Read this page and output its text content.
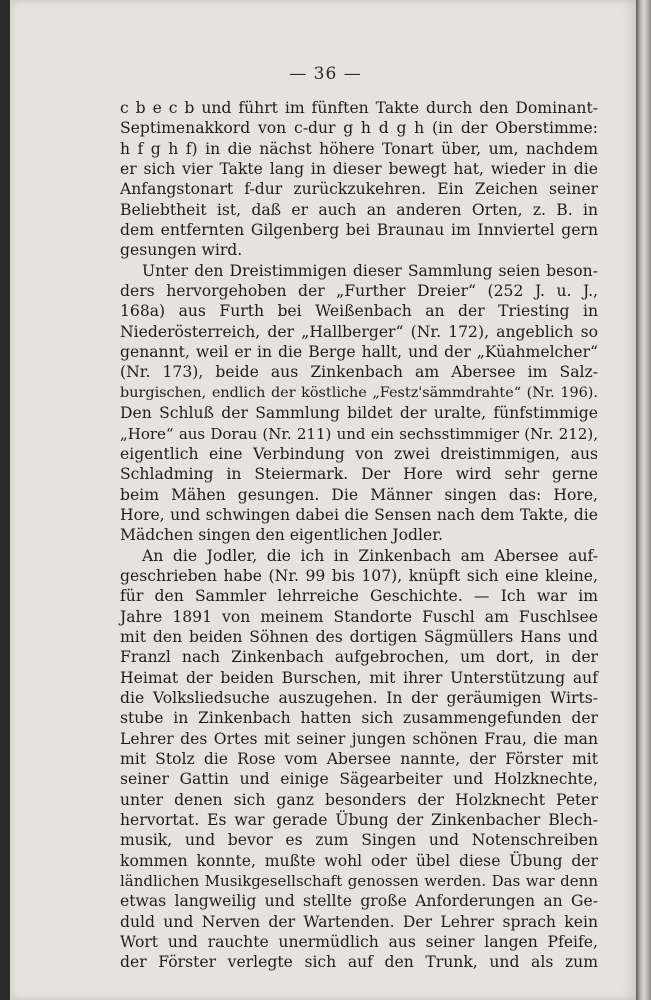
— 36 —
c b e c b und führt im fünften Takte durch den Dominant-
Septimenakkord von c-dur g h d g h (in der Oberstimme:
h f g h f) in die nächst höhere Tonart über, um, nachdem
er sich vier Takte lang in dieser bewegt hat, wieder in die
Anfangstonart f-dur zurückzukehren. Ein Zeichen seiner
Beliebtheit ist, daß er auch an anderen Orten, z. B. in
dem entfernten Gilgenberg bei Braunau im Innviertel gern
gesungen wird.
Unter den Dreistimmigen dieser Sammlung seien beson-
ders hervorgehoben der „Further Dreier“ (252 J. u. J.,
168a) aus Furth bei Weißenbach an der Triesting in
Niederösterreich, der „Hallberger“ (Nr. 172), angeblich so
genannt, weil er in die Berge hallt, und der „Küahmelcher“
(Nr. 173), beide aus Zinkenbach am Abersee im Salz-
burgischen, endlich der köstliche „Festz'sämmdrahte“ (Nr. 196).
Den Schluß der Sammlung bildet der uralte, fünfstimmige
„Hore“ aus Dorau (Nr. 211) und ein sechsstimmiger (Nr. 212),
eigentlich eine Verbindung von zwei dreistimmigen, aus
Schladming in Steiermark. Der Hore wird sehr gerne
beim Mähen gesungen. Die Männer singen das: Hore,
Hore, und schwingen dabei die Sensen nach dem Takte, die
Mädchen singen den eigentlichen Jodler.
An die Jodler, die ich in Zinkenbach am Abersee auf-
geschrieben habe (Nr. 99 bis 107), knüpft sich eine kleine,
für den Sammler lehrreiche Geschichte. — Ich war im
Jahre 1891 von meinem Standorte Fuschl am Fuschlsee
mit den beiden Söhnen des dortigen Sägmüllers Hans und
Franzl nach Zinkenbach aufgebrochen, um dort, in der
Heimat der beiden Burschen, mit ihrer Unterstützung auf
die Volksliedsuche auszugehen. In der geräumigen Wirts-
stube in Zinkenbach hatten sich zusammengefunden der
Lehrer des Ortes mit seiner jungen schönen Frau, die man
mit Stolz die Rose vom Abersee nannte, der Förster mit
seiner Gattin und einige Sägearbeiter und Holzknechte,
unter denen sich ganz besonders der Holzknecht Peter
hervortat. Es war gerade Übung der Zinkenbacher Blech-
musik, und bevor es zum Singen und Notenschreiben
kommen konnte, mußte wohl oder übel diese Übung der
ländlichen Musikgesellschaft genossen werden. Das war denn
etwas langweilig und stellte große Anforderungen an Ge-
duld und Nerven der Wartenden. Der Lehrer sprach kein
Wort und rauchte unermüdlich aus seiner langen Pfeife,
der Förster verlegte sich auf den Trunk, und als zum
